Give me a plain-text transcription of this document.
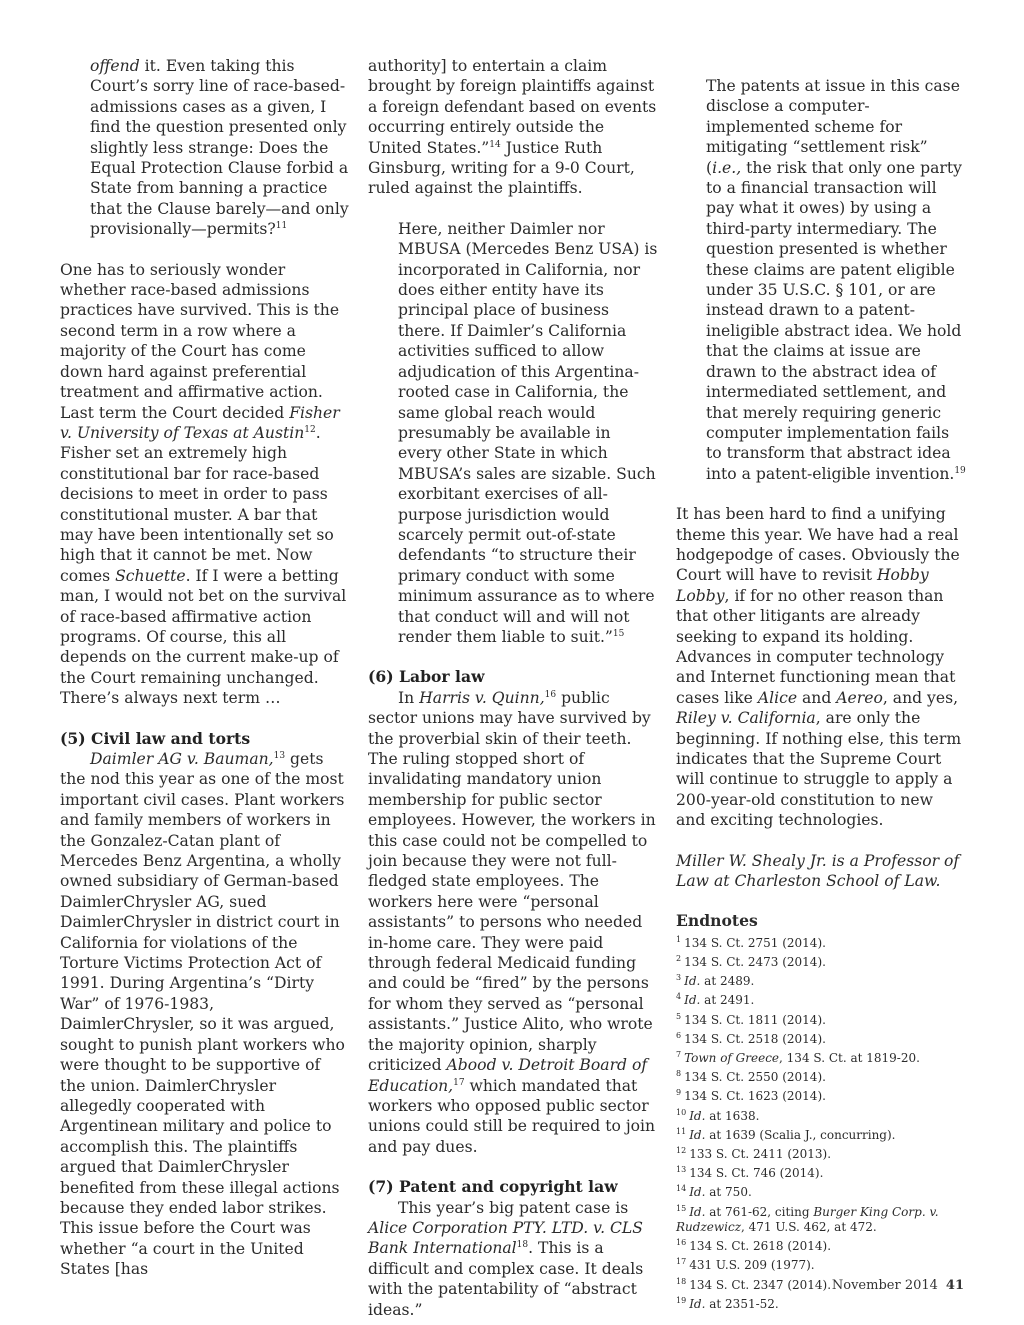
offend it. Even taking this Court’s sorry line of race-based-admissions cases as a given, I find the question presented only slightly less strange: Does the Equal Protection Clause forbid a State from banning a practice that the Clause barely—and only provisionally—permits?$^{11}$

One has to seriously wonder whether race-based admissions practices have survived. This is the second term in a row where a majority of the Court has come down hard against preferential treatment and affirmative action. Last term the Court decided Fisher v. University of Texas at Austin$^{12}$. Fisher set an extremely high constitutional bar for race-based decisions to meet in order to pass constitutional muster. A bar that may have been intentionally set so high that it cannot be met. Now comes Schuette. If I were a betting man, I would not bet on the survival of race-based affirmative action programs. Of course, this all depends on the current make-up of the Court remaining unchanged. There’s always next term …

(5) Civil law and torts

Daimler AG v. Bauman,$^{13}$ gets the nod this year as one of the most important civil cases. Plant workers and family members of workers in the Gonzalez-Catan plant of Mercedes Benz Argentina, a wholly owned subsidiary of German-based DaimlerChrysler AG, sued DaimlerChrysler in district court in California for violations of the Torture Victims Protection Act of 1991. During Argentina’s “Dirty War” of 1976-1983, DaimlerChrysler, so it was argued, sought to punish plant workers who were thought to be supportive of the union. DaimlerChrysler allegedly cooperated with Argentinean military and police to accomplish this. The plaintiffs argued that DaimlerChrysler benefited from these illegal actions because they ended labor strikes. This issue before the Court was whether “a court in the United States [has

authority] to entertain a claim brought by foreign plaintiffs against a foreign defendant based on events occurring entirely outside the United States.”$^{14}$ Justice Ruth Ginsburg, writing for a 9-0 Court, ruled against the plaintiffs.

Here, neither Daimler nor MBUSA (Mercedes Benz USA) is incorporated in California, nor does either entity have its principal place of business there. If Daimler’s California activities sufficed to allow adjudication of this Argentina-rooted case in California, the same global reach would presumably be available in every other State in which MBUSA’s sales are sizable. Such exorbitant exercises of all-purpose jurisdiction would scarcely permit out-of-state defendants “to structure their primary conduct with some minimum assurance as to where that conduct will and will not render them liable to suit.”$^{15}$

(6) Labor law

In Harris v. Quinn,$^{16}$ public sector unions may have survived by the proverbial skin of their teeth. The ruling stopped short of invalidating mandatory union membership for public sector employees. However, the workers in this case could not be compelled to join because they were not full-fledged state employees. The workers here were “personal assistants” to persons who needed in-home care. They were paid through federal Medicaid funding and could be “fired” by the persons for whom they served as “personal assistants.” Justice Alito, who wrote the majority opinion, sharply criticized Abood v. Detroit Board of Education,$^{17}$ which mandated that workers who opposed public sector unions could still be required to join and pay dues.

(7) Patent and copyright law

This year’s big patent case is Alice Corporation PTY. LTD. v. CLS Bank International$^{18}$. This is a difficult and complex case. It deals with the patentability of “abstract ideas.”

The patents at issue in this case disclose a computer-implemented scheme for mitigating “settlement risk” (i.e., the risk that only one party to a financial transaction will pay what it owes) by using a third-party intermediary. The question presented is whether these claims are patent eligible under 35 U.S.C. § 101, or are instead drawn to a patent-ineligible abstract idea. We hold that the claims at issue are drawn to the abstract idea of intermediated settlement, and that merely requiring generic computer implementation fails to transform that abstract idea into a patent-eligible invention.$^{19}$

It has been hard to find a unifying theme this year. We have had a real hodgepodge of cases. Obviously the Court will have to revisit Hobby Lobby, if for no other reason than that other litigants are already seeking to expand its holding. Advances in computer technology and Internet functioning mean that cases like Alice and Aereo, and yes, Riley v. California, are only the beginning. If nothing else, this term indicates that the Supreme Court will continue to struggle to apply a 200-year-old constitution to new and exciting technologies.

Miller W. Shealy Jr. is a Professor of Law at Charleston School of Law.

Endnotes
$^1$ 134 S. Ct. 2751 (2014).
$^2$ 134 S. Ct. 2473 (2014).
$^3$ Id. at 2489.
$^4$ Id. at 2491.
$^5$ 134 S. Ct. 1811 (2014).
$^6$ 134 S. Ct. 2518 (2014).
$^7$ Town of Greece, 134 S. Ct. at 1819-20.
$^8$ 134 S. Ct. 2550 (2014).
$^9$ 134 S. Ct. 1623 (2014).
$^{10}$ Id. at 1638.
$^{11}$ Id. at 1639 (Scalia J., concurring).
$^{12}$ 133 S. Ct. 2411 (2013).
$^{13}$ 134 S. Ct. 746 (2014).
$^{14}$ Id. at 750.
$^{15}$ Id. at 761-62, citing Burger King Corp. v. Rudzewicz, 471 U.S. 462, at 472.
$^{16}$ 134 S. Ct. 2618 (2014).
$^{17}$ 431 U.S. 209 (1977).
$^{18}$ 134 S. Ct. 2347 (2014).
$^{19}$ Id. at 2351-52.
November 2014 41
